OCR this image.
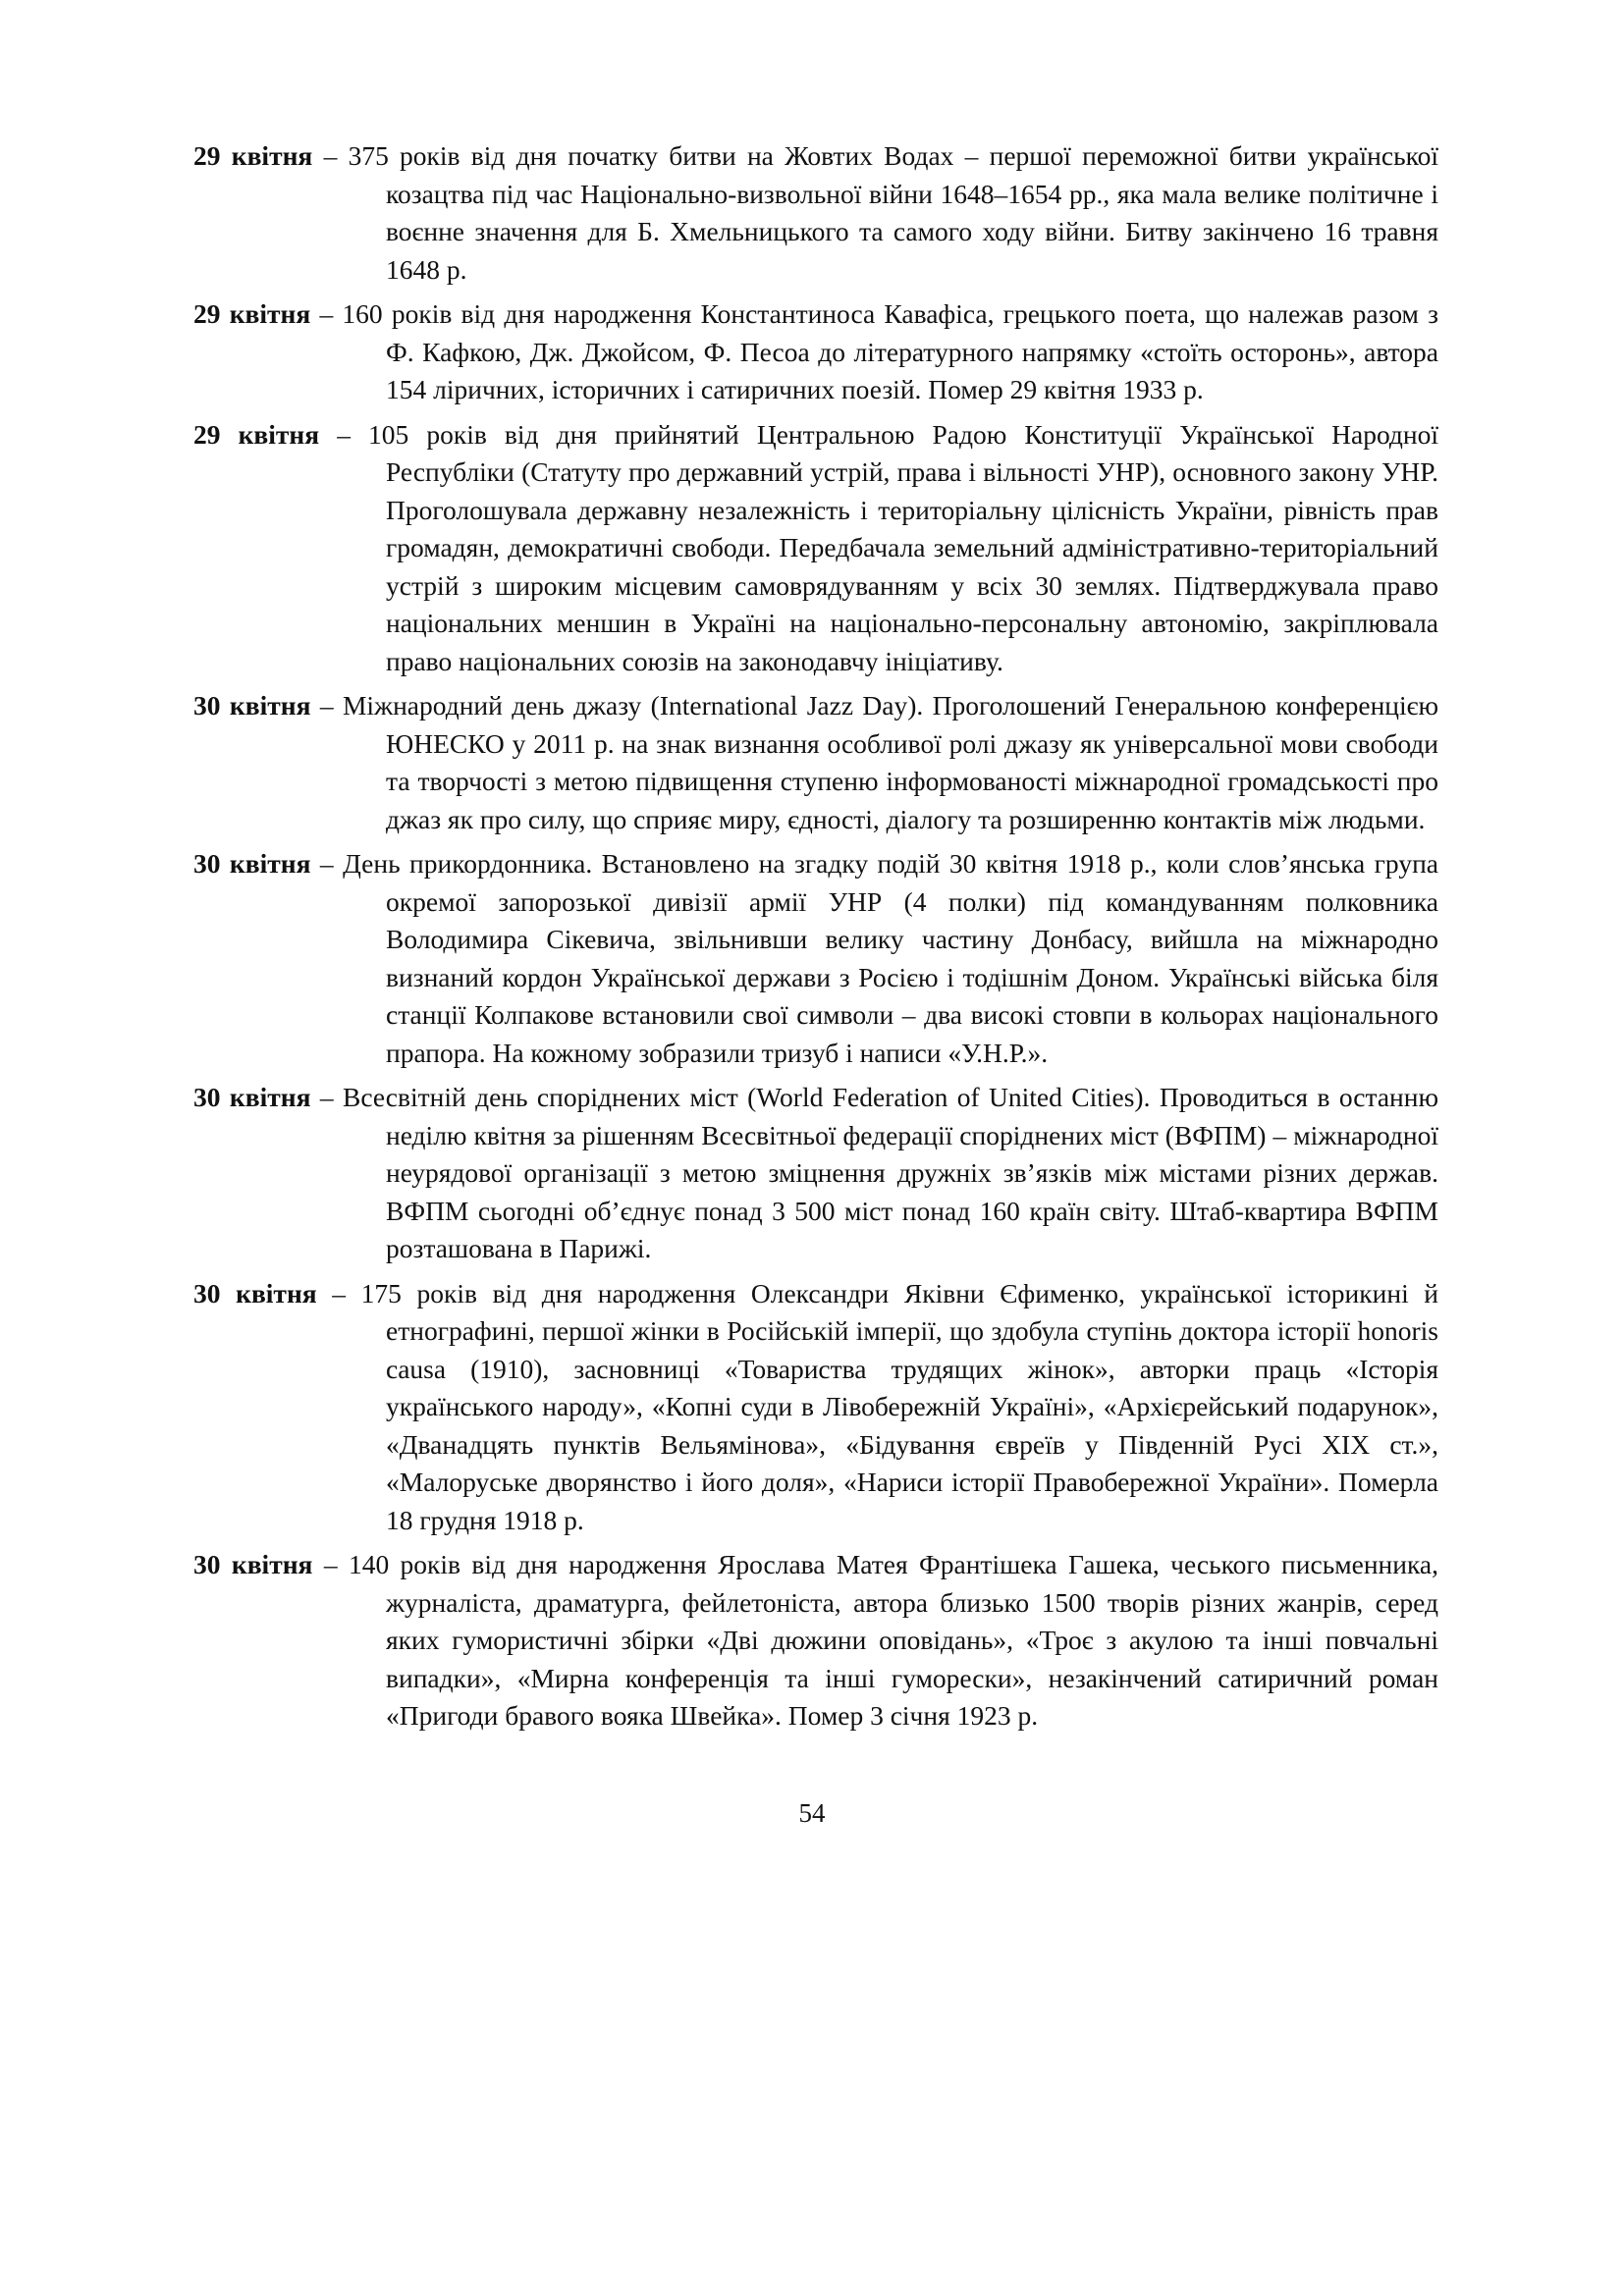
29 квітня – 375 років від дня початку битви на Жовтих Водах – першої переможної битви української козацтва під час Національно-визвольної війни 1648–1654 рр., яка мала велике політичне і воєнне значення для Б. Хмельницького та самого ходу війни. Битву закінчено 16 травня 1648 р.
29 квітня – 160 років від дня народження Константиноса Кавафіса, грецького поета, що належав разом з Ф. Кафкою, Дж. Джойсом, Ф. Песоа до літературного напрямку «стоїть осторонь», автора 154 ліричних, історичних і сатиричних поезій. Помер 29 квітня 1933 р.
29 квітня – 105 років від дня прийнятий Центральною Радою Конституції Української Народної Республіки (Статуту про державний устрій, права і вільності УНР), основного закону УНР. Проголошувала державну незалежність і територіальну цілісність України, рівність прав громадян, демократичні свободи. Передбачала земельний адміністративно-територіальний устрій з широким місцевим самоврядуванням у всіх 30 землях. Підтверджувала право національних меншин в Україні на національно-персональну автономію, закріплювала право національних союзів на законодавчу ініціативу.
30 квітня – Міжнародний день джазу (International Jazz Day). Проголошений Генеральною конференцією ЮНЕСКО у 2011 р. на знак визнання особливої ролі джазу як універсальної мови свободи та творчості з метою підвищення ступеню інформованості міжнародної громадськості про джаз як про силу, що сприяє миру, єдності, діалогу та розширенню контактів між людьми.
30 квітня – День прикордонника. Встановлено на згадку подій 30 квітня 1918 р., коли слов’янська група окремої запорозької дивізії армії УНР (4 полки) під командуванням полковника Володимира Сікевича, звільнивши велику частину Донбасу, вийшла на міжнародно визнаний кордон Української держави з Росією і тодішнім Доном. Українські війська біля станції Колпакове встановили свої символи – два високі стовпи в кольорах національного прапора. На кожному зобразили тризуб і написи «У.Н.Р.».
30 квітня – Всесвітній день споріднених міст (World Federation of United Cities). Проводиться в останню неділю квітня за рішенням Всесвітньої федерації споріднених міст (ВФПМ) – міжнародної неурядової організації з метою зміцнення дружніх зв’язків між містами різних держав. ВФПМ сьогодні об’єднує понад 3 500 міст понад 160 країн світу. Штаб-квартира ВФПМ розташована в Парижі.
30 квітня – 175 років від дня народження Олександри Яківни Єфименко, української історикині й етнографині, першої жінки в Російській імперії, що здобула ступінь доктора історії honoris causa (1910), засновниці «Товариства трудящих жінок», авторки праць «Історія українського народу», «Копні суди в Лівобережній Україні», «Архієрейський подарунок», «Дванадцять пунктів Вельямінова», «Бідування євреїв у Південній Русі XIX ст.», «Малоруське дворянство і його доля», «Нариси історії Правобережної України». Померла 18 грудня 1918 р.
30 квітня – 140 років від дня народження Ярослава Матея Франтішека Гашека, чеського письменника, журналіста, драматурга, фейлетоніста, автора близько 1500 творів різних жанрів, серед яких гумористичні збірки «Дві дюжини оповідань», «Троє з акулою та інші повчальні випадки», «Мирна конференція та інші гуморески», незакінчений сатиричний роман «Пригоди бравого вояка Швейка». Помер 3 січня 1923 р.
54
